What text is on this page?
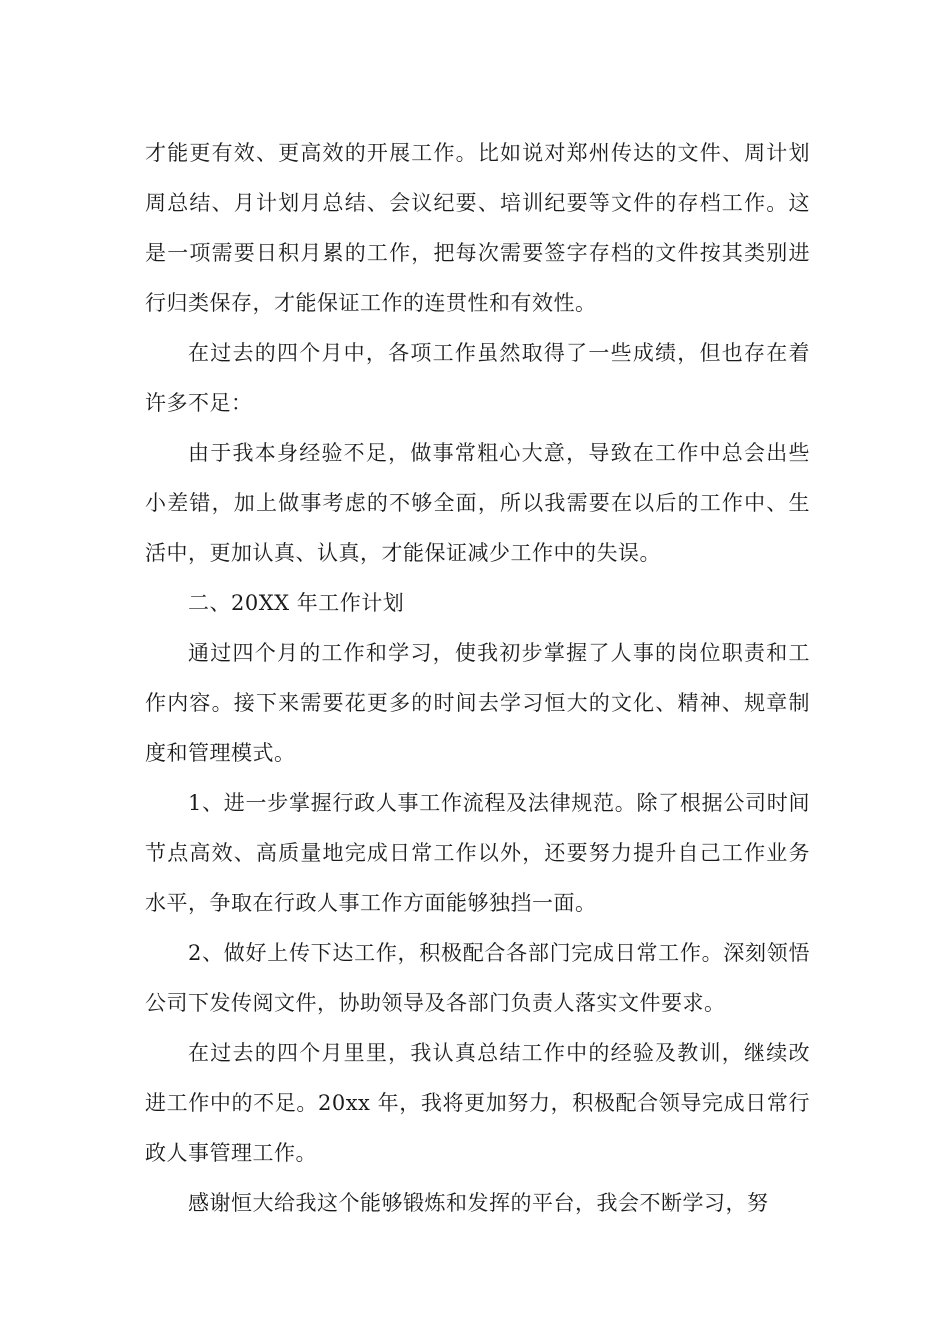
才能更有效、更高效的开展工作。比如说对郑州传达的文件、周计划周总结、月计划月总结、会议纪要、培训纪要等文件的存档工作。这是一项需要日积月累的工作，把每次需要签字存档的文件按其类别进行归类保存，才能保证工作的连贯性和有效性。

在过去的四个月中，各项工作虽然取得了一些成绩，但也存在着许多不足：

由于我本身经验不足，做事常粗心大意，导致在工作中总会出些小差错，加上做事考虑的不够全面，所以我需要在以后的工作中、生活中，更加认真、认真，才能保证减少工作中的失误。

二、20XX 年工作计划

通过四个月的工作和学习，使我初步掌握了人事的岗位职责和工作内容。接下来需要花更多的时间去学习恒大的文化、精神、规章制度和管理模式。

1、进一步掌握行政人事工作流程及法律规范。除了根据公司时间节点高效、高质量地完成日常工作以外，还要努力提升自己工作业务水平，争取在行政人事工作方面能够独挡一面。

2、做好上传下达工作，积极配合各部门完成日常工作。深刻领悟公司下发传阅文件，协助领导及各部门负责人落实文件要求。

在过去的四个月里里，我认真总结工作中的经验及教训，继续改进工作中的不足。20xx 年，我将更加努力，积极配合领导完成日常行政人事管理工作。

感谢恒大给我这个能够锻炼和发挥的平台，我会不断学习，努
